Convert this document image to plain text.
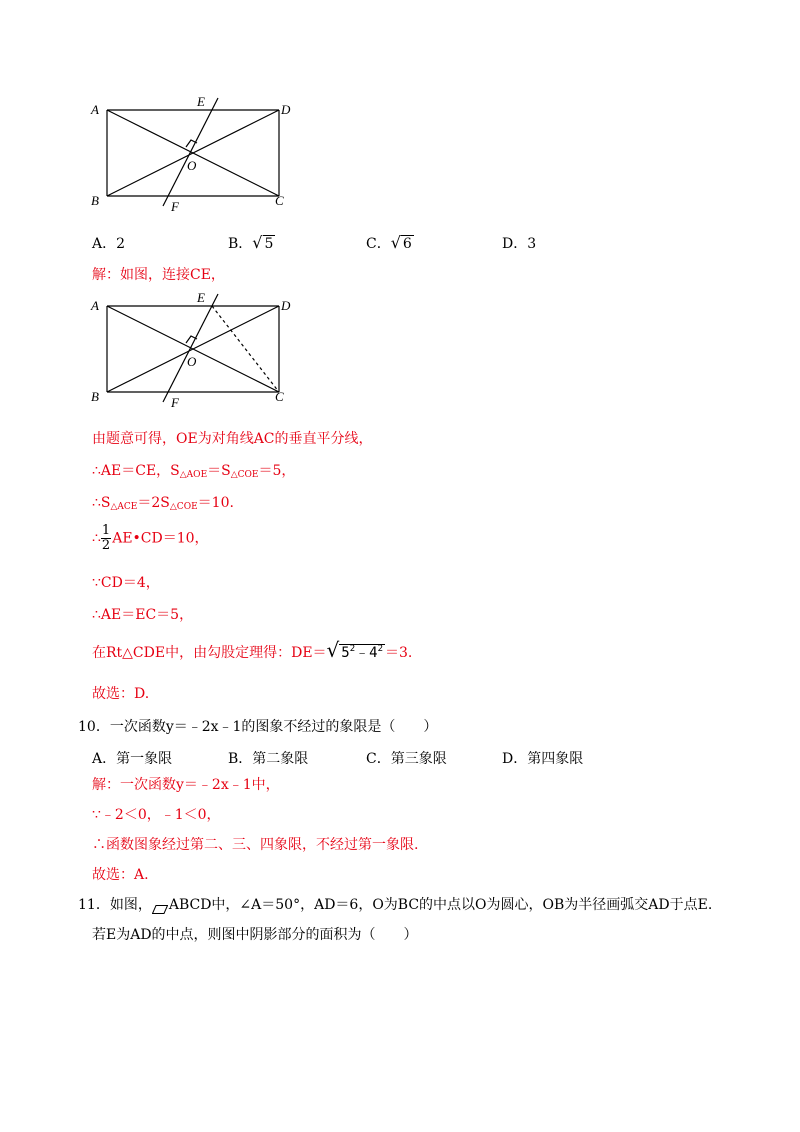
A	D
B	C
E
F
O
A．2	B．√ 5	C．√ 6	D．3
解：如图，连接CE，
A	D
B	C
E
F
O
由题意可得，OE为对角线AC的垂直平分线，
∴AE＝CE，$S_{\triangle AOE}=S_{\triangle COE}=5$，
$\therefore S_{\triangle ACE}=2S_{\triangle COE}=10$.
∴ $\frac{1}{2}$ AE•CD＝10，
∵CD＝4，
∴AE＝EC＝5，
在Rt△CDE中，由勾股定理得：DE＝√ $5^2﹣4^2 =3$.
故选：D.
10．一次函数y＝﹣2x﹣1的图象不经过的象限是（　　）
A．第一象限	B．第二象限	C．第三象限	D．第四象限
解：一次函数y＝﹣2x﹣1中，
∵﹣2＜0，﹣1＜0，
∴函数图象经过第二、三、四象限，不经过第一象限.
故选：A.
11．如图， ABCD中，∠A＝50°，AD＝6，O为BC的中点以O为圆心，OB为半径画弧交AD于点E.
若E为AD的中点，则图中阴影部分的面积为（　　）
